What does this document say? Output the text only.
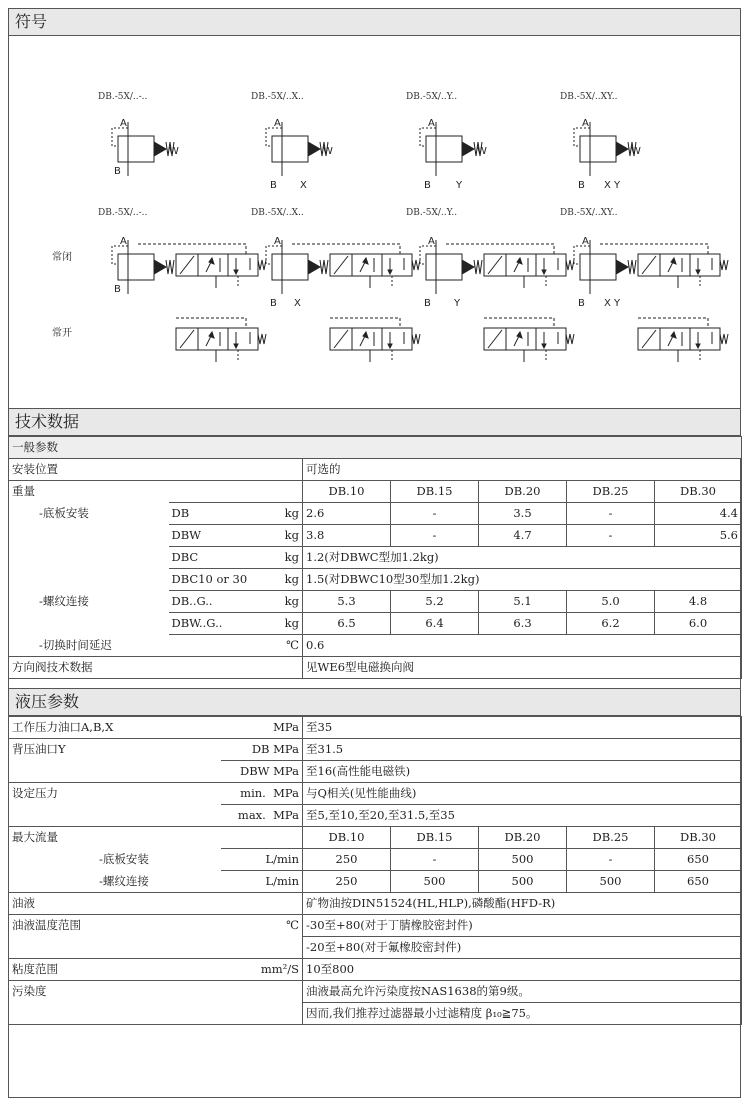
符号
DB.-5X/..-..	DB.-5X/..X..	DB.-5X/..Y..	DB.-5X/..XY..
DB.-5X/..-..	DB.-5X/..X..	DB.-5X/..Y..	DB.-5X/..XY..
常闭
常开
A
B
W
A
B X
W
A
B	Y
W
A
B X Y
W
A
B
A
B X
A
B Y
A
B X Y
技术数据
一般参数							
安装位置			可选的				
重量			DB.10	DB.15	DB.20	DB.25	DB.30
-底板安装	DB	kg	2.6	-	3.5	-	4.4
	DBW	kg	3.8	-	4.7	-	5.6
	DBC	kg	1.2(对DBWC型加1.2kg)				
	DBC10 or 30	kg	1.5(对DBWC10型30型加1.2kg)				
-螺纹连接	DB..G..	kg	5.3	5.2	5.1	5.0	4.8
	DBW..G..	kg	6.5	6.4	6.3	6.2	6.0
-切换时间延迟		℃	0.6				
方向阀技术数据			见WE6型电磁换向阀				
液压参数
工作压力油口A,B,X	MPa	至35				
背压油口Y	DB MPa	至31.5				
	DBW MPa	至16(高性能电磁铁)				
设定压力	min. MPa	与Q相关(见性能曲线)				
	max. MPa	至5,至10,至20,至31.5,至35				
最大流量		DB.10	DB.15	DB.20	DB.25	DB.30
-底板安装	L/min	250	-	500	-	650
-螺纹连接	L/min	250	500	500	500	650
油液		矿物油按DIN51524(HL,HLP),磷酸酯(HFD-R)				
油液温度范围	℃	-30至+80(对于丁腈橡胶密封件)				
		-20至+80(对于氟橡胶密封件)				
粘度范围	mm²/S	10至800				
污染度		油液最高允许污染度按NAS1638的第9级。				
		因而,我们推荐过滤器最小过滤精度 β₁₀≧75。				
